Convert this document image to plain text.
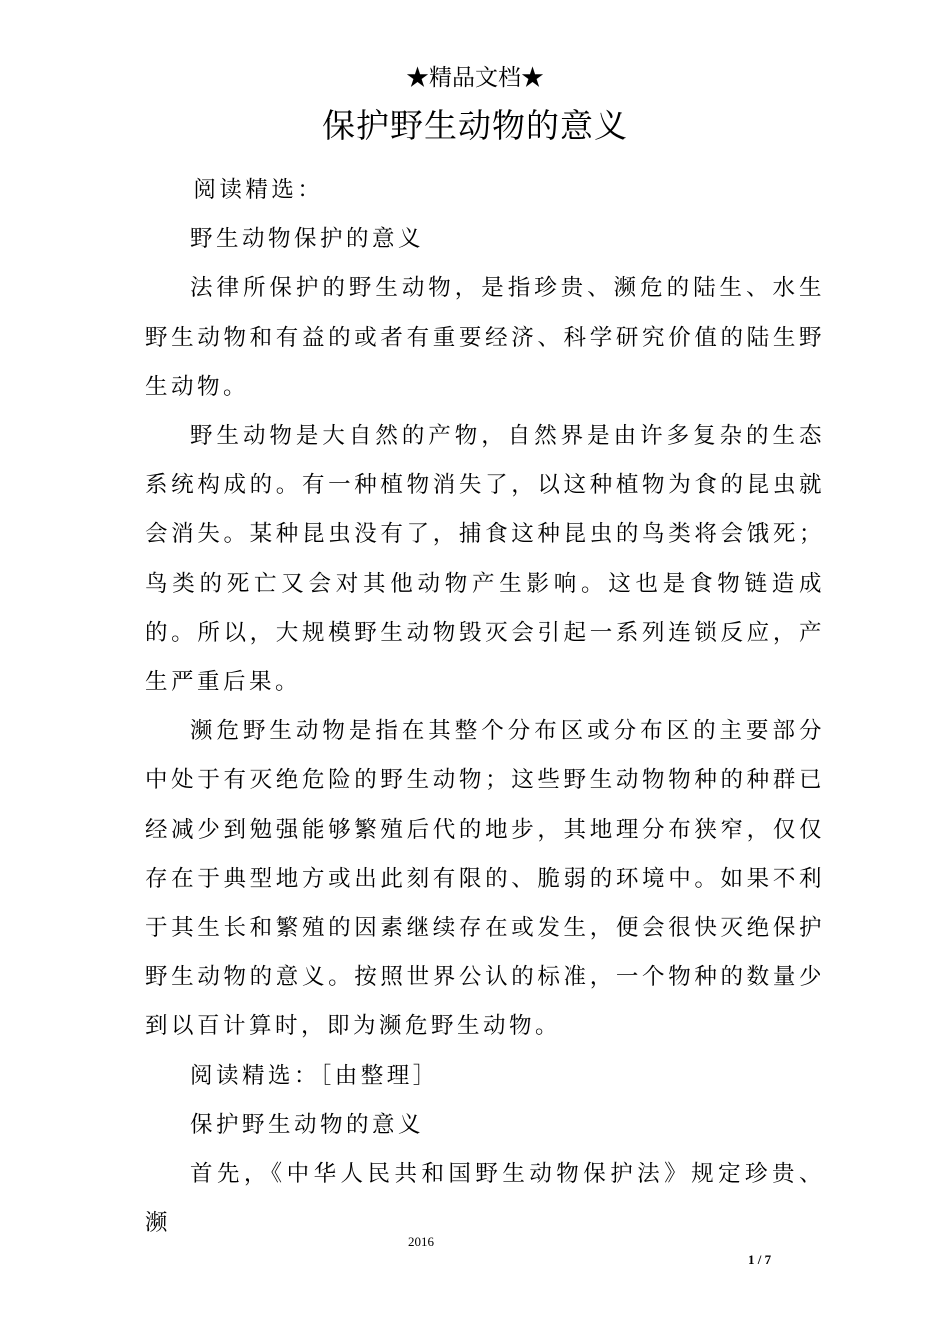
★精品文档★
保护野生动物的意义

阅读精选：

野生动物保护的意义

法律所保护的野生动物，是指珍贵、濒危的陆生、水生野生动物和有益的或者有重要经济、科学研究价值的陆生野生动物。

野生动物是大自然的产物，自然界是由许多复杂的生态系统构成的。有一种植物消失了，以这种植物为食的昆虫就会消失。某种昆虫没有了，捕食这种昆虫的鸟类将会饿死；鸟类的死亡又会对其他动物产生影响。这也是食物链造成的。所以，大规模野生动物毁灭会引起一系列连锁反应，产生严重后果。

濒危野生动物是指在其整个分布区或分布区的主要部分中处于有灭绝危险的野生动物；这些野生动物物种的种群已经减少到勉强能够繁殖后代的地步，其地理分布狭窄，仅仅存在于典型地方或出此刻有限的、脆弱的环境中。如果不利于其生长和繁殖的因素继续存在或发生，便会很快灭绝保护野生动物的意义。按照世界公认的标准，一个物种的数量少到以百计算时，即为濒危野生动物。

阅读精选：［由整理］

保护野生动物的意义

首先，《中华人民共和国野生动物保护法》规定珍贵、濒

2016
1 / 7
